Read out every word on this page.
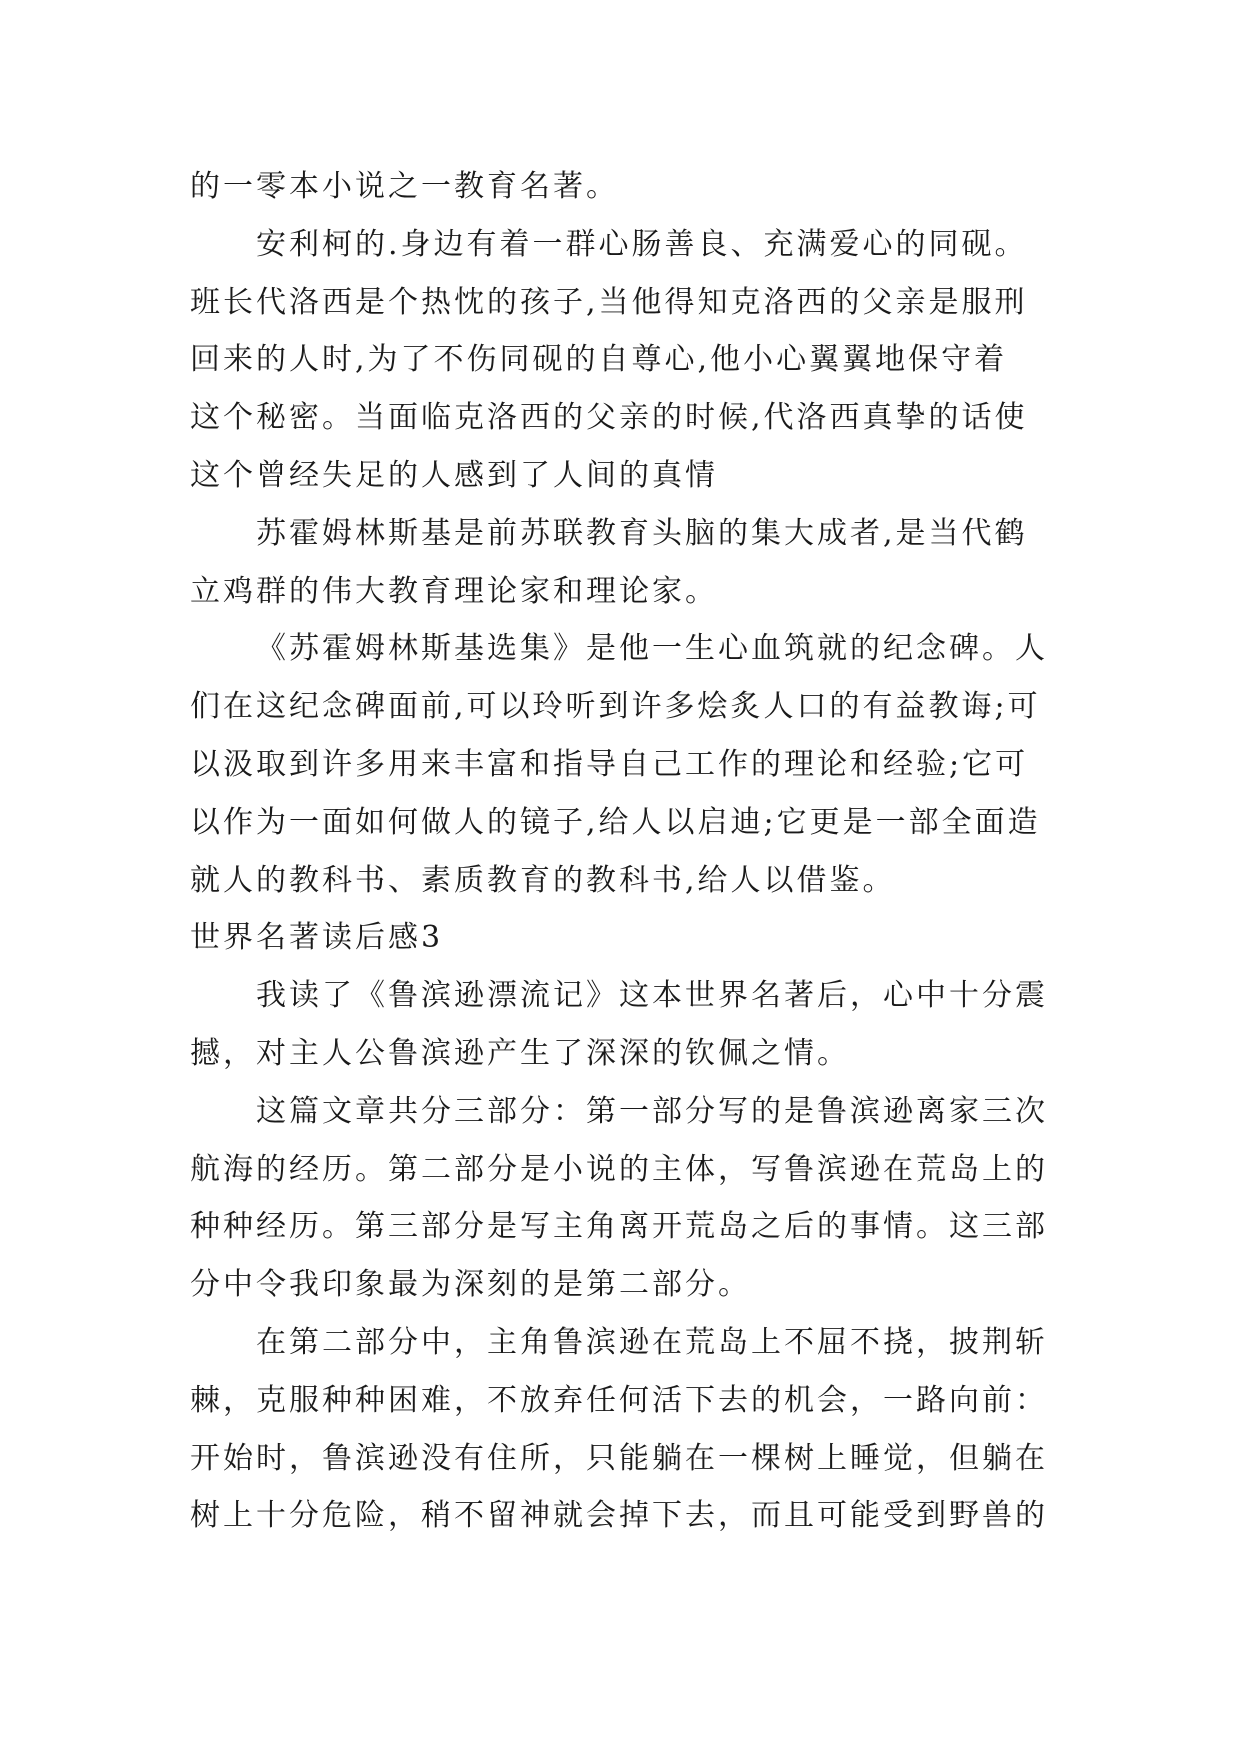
的一零本小说之一教育名著。
安利柯的.身边有着一群心肠善良、充满爱心的同砚。
班长代洛西是个热忱的孩子,当他得知克洛西的父亲是服刑
回来的人时,为了不伤同砚的自尊心,他小心翼翼地保守着
这个秘密。当面临克洛西的父亲的时候,代洛西真挚的话使
这个曾经失足的人感到了人间的真情
苏霍姆林斯基是前苏联教育头脑的集大成者,是当代鹤
立鸡群的伟大教育理论家和理论家。
《苏霍姆林斯基选集》是他一生心血筑就的纪念碑。人
们在这纪念碑面前,可以玲听到许多烩炙人口的有益教诲;可
以汲取到许多用来丰富和指导自己工作的理论和经验;它可
以作为一面如何做人的镜子,给人以启迪;它更是一部全面造
就人的教科书、素质教育的教科书,给人以借鉴。
世界名著读后感3
我读了《鲁滨逊漂流记》这本世界名著后，心中十分震
撼，对主人公鲁滨逊产生了深深的钦佩之情。
这篇文章共分三部分：第一部分写的是鲁滨逊离家三次
航海的经历。第二部分是小说的主体，写鲁滨逊在荒岛上的
种种经历。第三部分是写主角离开荒岛之后的事情。这三部
分中令我印象最为深刻的是第二部分。
在第二部分中，主角鲁滨逊在荒岛上不屈不挠，披荆斩
棘，克服种种困难，不放弃任何活下去的机会，一路向前：
开始时，鲁滨逊没有住所，只能躺在一棵树上睡觉，但躺在
树上十分危险，稍不留神就会掉下去，而且可能受到野兽的
